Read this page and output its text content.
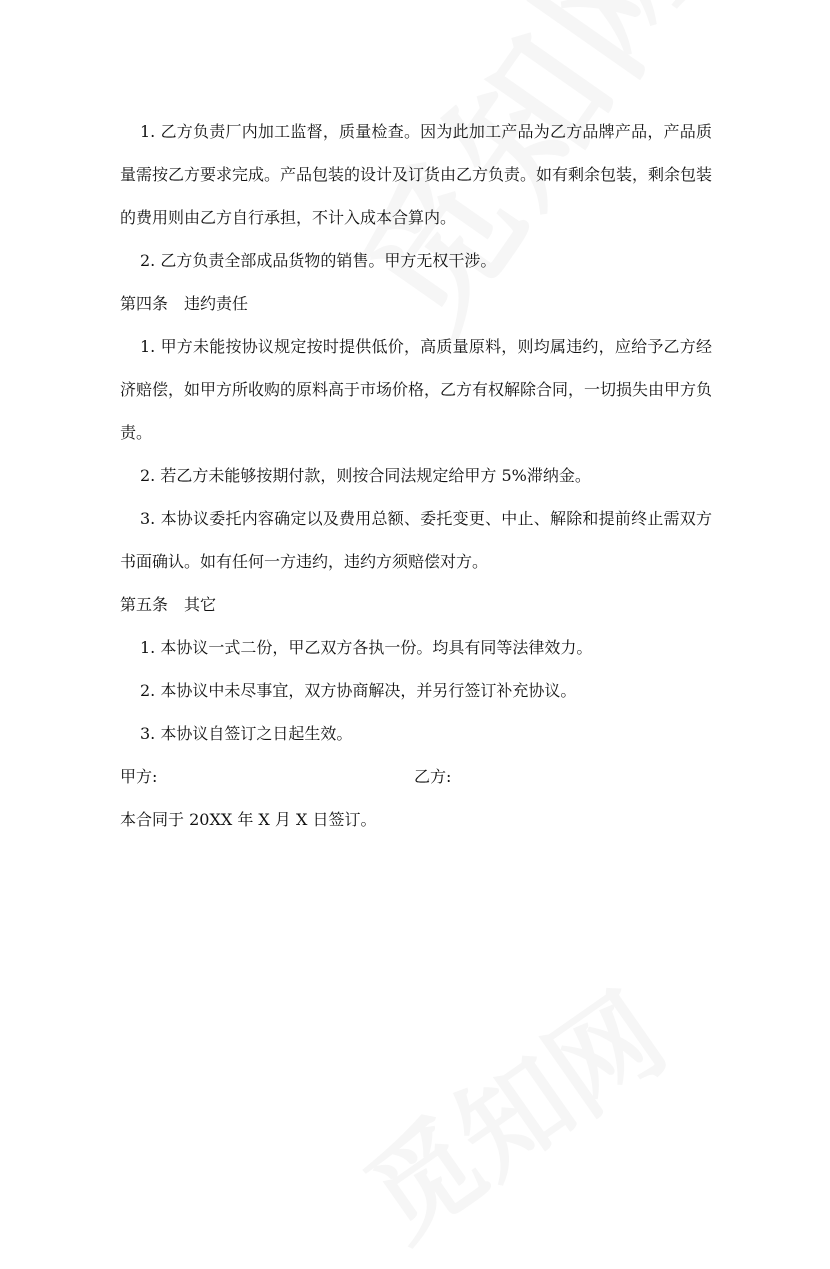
1. 乙方负责厂内加工监督，质量检查。因为此加工产品为乙方品牌产品，产品质量需按乙方要求完成。产品包装的设计及订货由乙方负责。如有剩余包装，剩余包装的费用则由乙方自行承担，不计入成本合算内。

2. 乙方负责全部成品货物的销售。甲方无权干涉。

第四条　违约责任

1. 甲方未能按协议规定按时提供低价，高质量原料，则均属违约，应给予乙方经济赔偿，如甲方所收购的原料高于市场价格，乙方有权解除合同，一切损失由甲方负责。

2. 若乙方未能够按期付款，则按合同法规定给甲方 5%滞纳金。

3. 本协议委托内容确定以及费用总额、委托变更、中止、解除和提前终止需双方书面确认。如有任何一方违约，违约方须赔偿对方。

第五条　其它

1. 本协议一式二份，甲乙双方各执一份。均具有同等法律效力。

2. 本协议中未尽事宜，双方协商解决，并另行签订补充协议。

3. 本协议自签订之日起生效。

甲方:	乙方:

本合同于 20XX 年 X 月 X 日签订。
